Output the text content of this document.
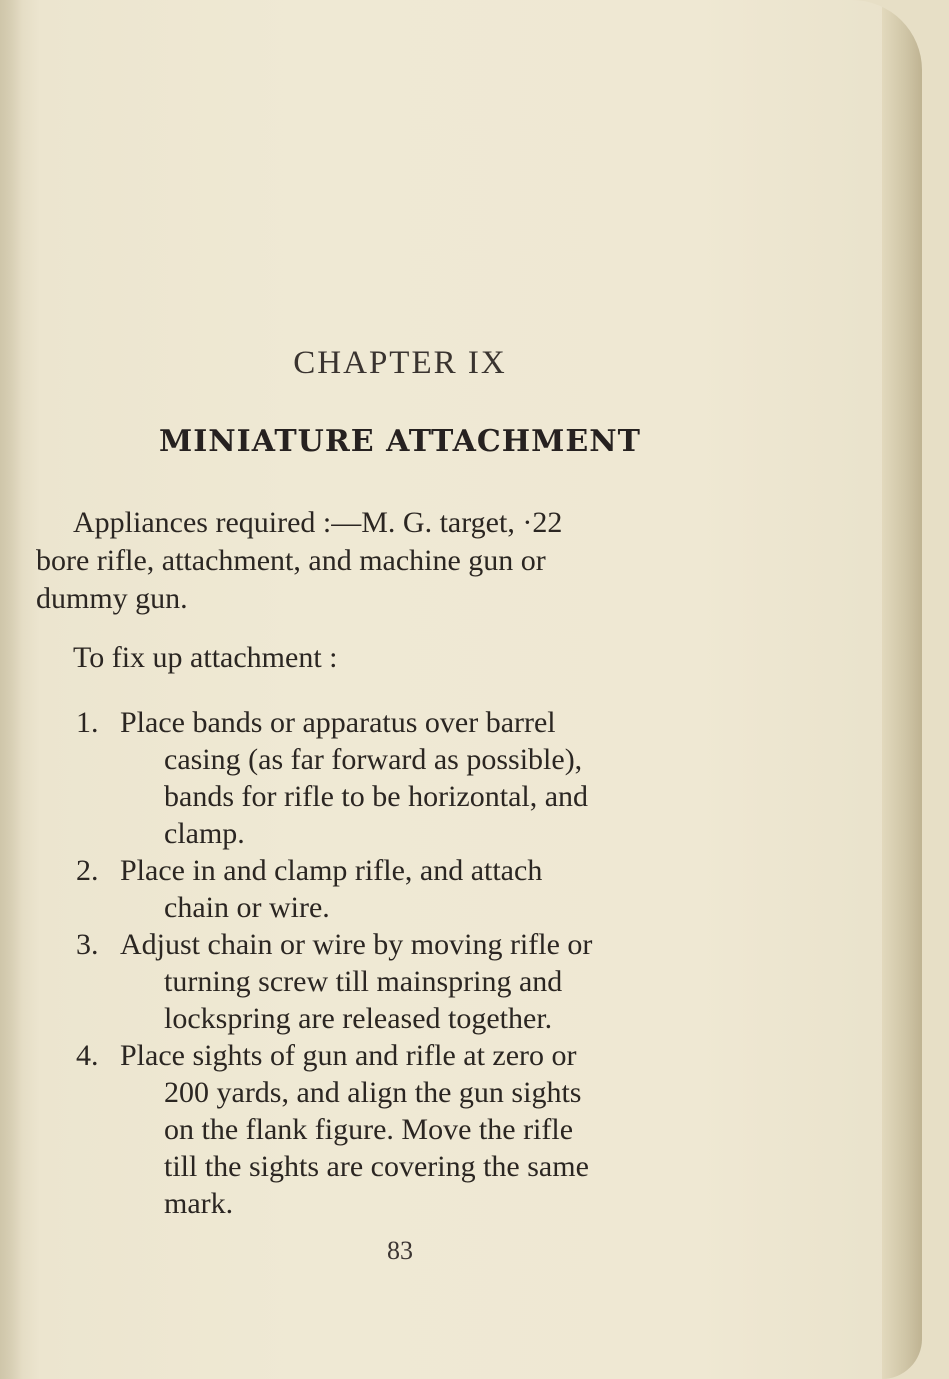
CHAPTER IX
MINIATURE ATTACHMENT
Appliances required :—M. G. target, ·22
bore rifle, attachment, and machine gun or
dummy gun.
To fix up attachment :
1. Place bands or apparatus over barrel
casing (as far forward as possible),
bands for rifle to be horizontal, and
clamp.
2. Place in and clamp rifle, and attach
chain or wire.
3. Adjust chain or wire by moving rifle or
turning screw till mainspring and
lockspring are released together.
4. Place sights of gun and rifle at zero or
200 yards, and align the gun sights
on the flank figure. Move the rifle
till the sights are covering the same
mark.
83
